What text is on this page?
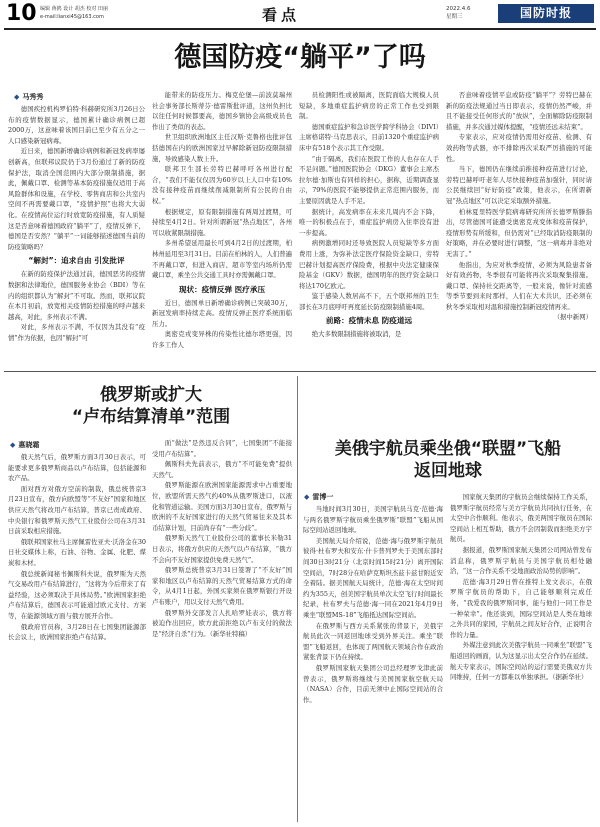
10 编辑 蒋鸥 设计 胡杰 校对 田丽
e-mail:lianxi45@163.com	看点	2022.4.6
星期三	国防时报
德国防疫“躺平”了吗
◆ 马秀秀

德国疾控机构罗伯特·科赫研究所3月26日公布的疫情数据显示，德国累计确诊病例已超2000万，这意味着该国目前已至少有五分之一人口感染新冠病毒。

近日来，德国新增确诊病例和新冠发病率屡创新高，但联邦议院仍于3月份通过了新的防疫保护法，取消全国范围内大部分限制措施，据此，佩戴口罩、检测等基本防疫措施仅适用于高风险群体和设施，在学校、零售商店和公共室内空间不再需要戴口罩，“疫情护照”也将大大弱化。在疫情高位运行时放宽防疫措施，有人质疑这是否意味着德国政府“躺平”了，疫情反弹下，德国是否安然？“躺平”一词能够描述德国当前的防疫策略吗？

“解封”：追求自由 引发批评

在新的防疫保护法通过前，德国恶劣的疫情数据和法律地位，德国服务业协会（BDI）等在内的组织都认为“解封”不可取。然而，联邦议院在本月初前，放宽相关疫情防控措施的呼声越来越高，对此，多州表示不满。

对此，多州表示不满，不仅因为其没有“疫情”作为依据，也因“解封”可

能带来的防疫压力。梅克伦堡—前波莫瑞州社会事务部长斯蒂芬·德雷斯批评道，这州负担比以往任何时候都要高，德国乡镇协会高级成员也作出了类似的表态。

世卫组织欧洲地区主任汉斯·克鲁格也批评包括德国在内的欧洲国家过早解除新冠防疫限制措施，导致感染人数上升。

联邦卫生部长劳特巴赫呼吁各州进行配合，“我们不能仅仅因为60岁以上人口中有10%没有接种疫苗而继续削减限制所有公民的自由权。”

根据规定，原有限制措施有两周过渡期，可持续至4月2日。针对所谓新冠“热点地区”，各州可以收紧限制措施。

多州希望延用最长可到4月2日的过渡期，柏林州延用至3月31日。目前在柏林的人，人们普遍不再戴口罩，但进入商店、超市等室内场所仍需戴口罩，乘坐公共交通工具时亦需佩戴口罩。

现状：疫情反弹 医疗承压

近日，德国单日新增确诊病例已突破30万，新冠发病率持续走高。疫情反弹正医疗系统面临压力。

奥密克戎变异株的传染性比德尔塔更强，因许多工作人

员检测阳性或被隔离，医院面临大规模人员短缺，多地重症监护病房的正常工作也受到限制。

德国重症监护和急诊医学跨学科协会（DIVI）主席格诺特·马克思表示，目前1320个重症监护病床中有518个表示其工作受限。

“由于隔离，我们在医院工作的人也存在人手不足问题。”德国医院协会（DKG）董事会主席杰拉尔德·加斯也有同样的担心，据称，近期调查显示，79%的医院不能够提供正常范围内服务，而主要原因就是人手不足。

据统计，高发病率在未来几周内不会下降，唯一的积极点在于，重症监护病房入住率没有进一步提高。

病例激增同时还导致医院人员短缺等多方面费用上涨，为弥补法定医疗保险资金缺口，劳特巴赫计划提高医疗保险费，根据中央法定健康保险基金（GKV）数据，德国明年的医疗资金缺口将达170亿欧元。

鉴于感染人数居高不下，五个联邦州的卫生部长在3月底呼吁再度延长防疫限制措施4周。

前路：疫情未息 防疫道远

绝大多数限制措施将被取消，是

否意味着疫情平息或防疫“躺平”？劳特巴赫在新的防疫法规通过当日即表示，疫情仍然严峻，并且不能接受任何形式的“放纵”，全面解除防疫限制措施，并多次通过媒体提醒，“疫情还远未结束”。

专家表示，应对疫情仍需用好疫苗、检测、有效药物等武器，亦不排除再次采取严厉措施的可能性。

当下，德国仍在继续前推接种疫苗进行讨论，劳特巴赫呼吁老年人尽快接种疫苗加强针，同时请公民继续回“好好防疫”政策，他表示，在所谓新冠“热点地区”可以决定采取额外措施。

柏林夏里特医学院病毒研究所所长德罗斯滕指出，尽管德国可能遭受奥密克戎变体和疫苗保护，疫情形势有所缓和，但仍需对“已经取消防疫限制的好策略，并在必要时进行调整，“这一病毒并非绝对无害了。”

他指出，为应对秋季疫情，必须为风险患者备好有效药物，冬季很有可能将再次采取聚集措施。戴口罩、保持社交距离等，一般来说，像针对流感等季节要到来时那样，人们在大术共识，还必须在秋冬季采取相对温和措施控制新冠疫情再来。

（据中新网）
俄罗斯或扩大
“卢布结算清单”范围
◆ 惠晓霜

俄天然气后，俄罗斯方面3月30日表示，可能要求更多俄罗斯商品以卢布结算，包括能源和农产品。

面对西方对俄方空前的制裁，俄总统普京3月23日宣布，俄方向欧盟等“不友好”国家和地区供应天然气将改用卢布结算，普京已责成政府、中央银行和俄罗斯天然气工业股份公司在3月31日前采取相应措施。

俄联邦国家杜马主席佩雷佐亚夫·沃洛金在30日社交媒体上称，石油、谷物、金属、化肥、煤炭和木材。

俄总统新闻秘书佩斯科夫说，俄罗斯为天然气交易改用卢布结算进行，“这将为今后带来了有益经验，这必须取决于具体局势。”欧洲国家拒绝卢布结算后，德国表示可能通过欧元支付、方案等，在能源领域方面与俄方展开合作。

俄政府官员称，3月28日在七国集团能源部长会议上，欧洲国家拒绝卢布结算。

面“做法”是然违反合同”，七国集团“不能接受用卢布结算”。

佩斯科夫先前表示，俄方“不可能免费”提供天然气。

俄罗斯能源在欧洲国家能源需求中占重要地位，欧盟所需天然气约40%从俄罗斯进口，以液化和管道运输。美国方面3月30日宣布，俄罗斯与欧洲的不友好国家进行的天然气贸易往来及其本币结算计划，目前尚存有“一些分歧”。

俄罗斯天然气工业股份公司的董事长米勒31日表示，将俄方供应的天然气以卢布结算，“俄方不会向不友好国家提供免费天然气”。

俄罗斯总统普京3月31日签署了“不友好”国家和地区以卢布结算的天然气贸易结算方式的命令，从4月1日起，外国买家须在俄罗斯银行开设卢布账户，用以支付天然气费用。

俄罗斯外交部发言人扎哈罗娃表示，俄方将被迫作出回应，欧方此前拒绝以卢布支付的做法是“经济自杀”行为。（新华社特稿）

美俄宇航员乘坐俄“联盟”飞船
返回地球
◆ 雷博一

当地时间3月30日，美国宇航员马克·范德·海与两名俄罗斯宇航员乘坐俄罗斯“联盟”飞船从国际空间站返回地球。

美国航天局介绍说，范德·海与俄罗斯宇航员彼得·杜布罗夫和安东·什卡普列罗夫于美国东部时间30日3时21分（北京时间15时21分）离开国际空间站，7时28分在哈萨克斯坦杰兹卡兹甘附近安全着陆。据美国航天局统计，范德·海在太空时间约为355天，创美国宇航员单次太空飞行时间最长纪录，杜布罗夫与范德·海一同在2021年4月9日乘坐“联盟MS-18”飞船抵达国际空间站。

在俄罗斯与西方关系紧张的背景下，美俄宇航员此次一同返回地球受到外界关注。乘坐“联盟”飞船返回，也体现了两国航天领域合作在政治紧张背景下仍在持续。

俄罗斯国家航天集团公司总经理罗戈津此前曾表示，俄罗斯将继续与美国国家航空航天局（NASA）合作，目前无须中止国际空间站的合作。

国家航天集团的宇航员会继续保持工作关系，俄罗斯宇航员经常与美方宇航员共同执行任务，在太空中合作顺利。他表示，俄美两国宇航员在国际空间站上相互帮助，俄方不会因制裁而拒绝美方宇航员。

据报道，俄罗斯国家航天集团公司网站曾发布消息称，俄罗斯宇航员与美国宇航员相处融洽，“这一合作关系不受地面政治局势的影响”。

范德·海3月29日曾在推特上发文表示，在俄罗斯宇航员的帮助下，自己能够顺利完成任务，“我爱我的俄罗斯同事，能与他们一同工作是一种荣幸”。他还谈到，国际空间站是人类在地球之外共同的家园，宇航员之间友好合作，正说明合作的力量。

外媒注意到此次美俄宇航员一同乘坐“联盟”飞船返回的画面，认为这显示出太空合作仍在延续。航天专家表示，国际空间站的运行需要美俄双方共同维持，任何一方都难以单独承担。（据新华社）
